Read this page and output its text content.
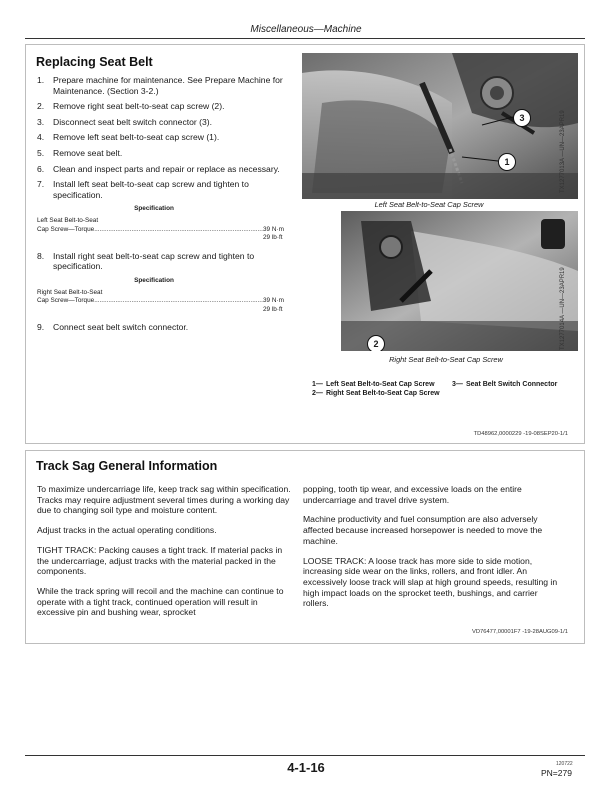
Miscellaneous—Machine
Replacing Seat Belt
1.	Prepare machine for maintenance. See Prepare Machine for Maintenance. (Section 3-2.)
2.	Remove right seat belt-to-seat cap screw (2).
3.	Disconnect seat belt switch connector (3).
4.	Remove left seat belt-to-seat cap screw (1).
5.	Remove seat belt.
6.	Clean and inspect parts and repair or replace as necessary.
7.	Install left seat belt-to-seat cap screw and tighten to specification.
Specification
Left Seat Belt-to-Seat
Cap Screw—Torque .....	39 N·m
29 lb·ft
8.	Install right seat belt-to-seat cap screw and tighten to specification.
Specification
Right Seat Belt-to-Seat
Cap Screw—Torque .....	39 N·m
29 lb·ft
9.	Connect seat belt switch connector.
3
1
Left Seat Belt-to-Seat Cap Screw
TX1277013A —UN—23APR19
2
Right Seat Belt-to-Seat Cap Screw
TX1277014A —UN—23APR19
1— Left Seat Belt-to-Seat Cap Screw
2— Right Seat Belt-to-Seat Cap Screw
3— Seat Belt Switch Connector
TD48962,0000229 -19-08SEP20-1/1
Track Sag General Information

To maximize undercarriage life, keep track sag within specification. Tracks may require adjustment several times during a working day due to changing soil type and moisture content.

Adjust tracks in the actual operating conditions.

TIGHT TRACK: Packing causes a tight track. If material packs in the undercarriage, adjust tracks with the material packed in the components.

While the track spring will recoil and the machine can continue to operate with a tight track, continued operation will result in excessive pin and bushing wear, sprocket

popping, tooth tip wear, and excessive loads on the entire undercarriage and travel drive system.

Machine productivity and fuel consumption are also adversely affected because increased horsepower is needed to move the machine.

LOOSE TRACK: A loose track has more side to side motion, increasing side wear on the links, rollers, and front idler. An excessively loose track will slap at high ground speeds, resulting in high impact loads on the sprocket teeth, bushings, and carrier rollers.

VD76477,00001F7 -19-28AUG09-1/1
4-1-16	120722
PN=279
